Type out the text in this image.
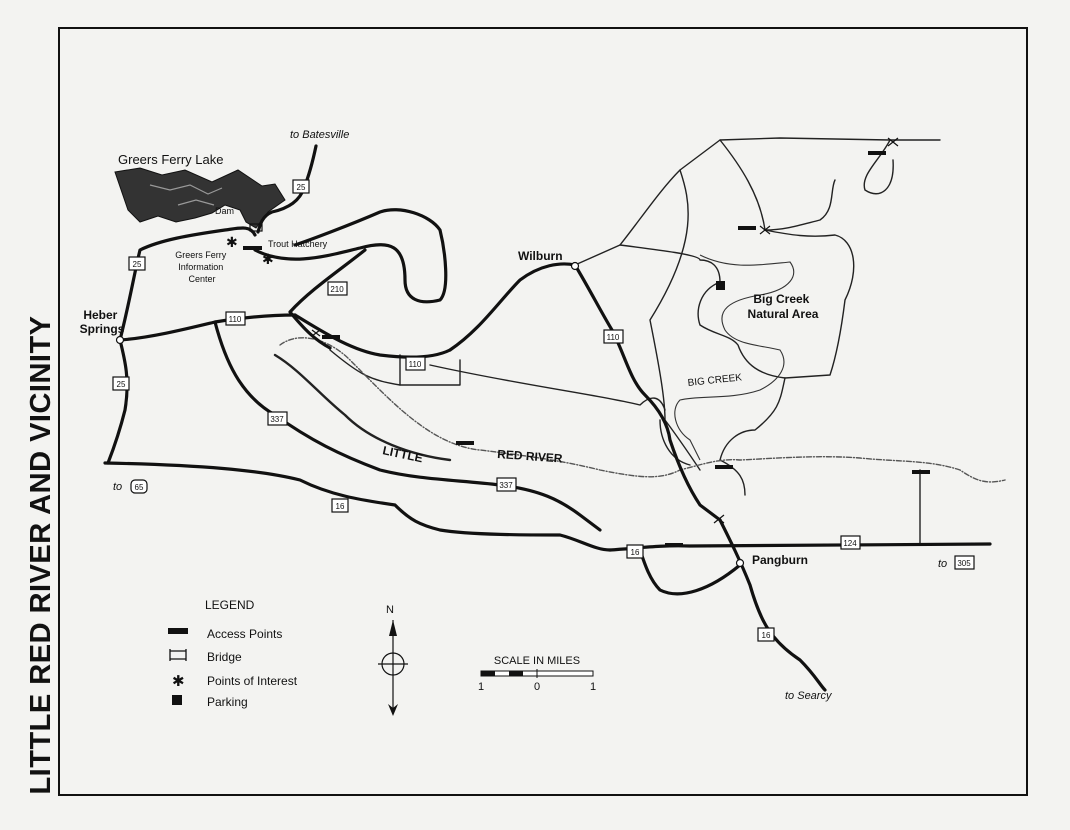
LITTLE RED RIVER AND VICINITY
✱
✱
Greers Ferry Lake
Dam
Trout Hatchery
Greers Ferry Information Center
Heber Springs
Wilburn
Big Creek Natural Area
BIG CREEK
LITTLE	RED RIVER
Pangburn
to Batesville
to Searcy
to
to
25
25
25
210
110
110
110
337
337
16
16
16
124
65
305
LEGEND
Access Points
Bridge
✱ Points of Interest
Parking
N
SCALE IN MILES
1	0	1
